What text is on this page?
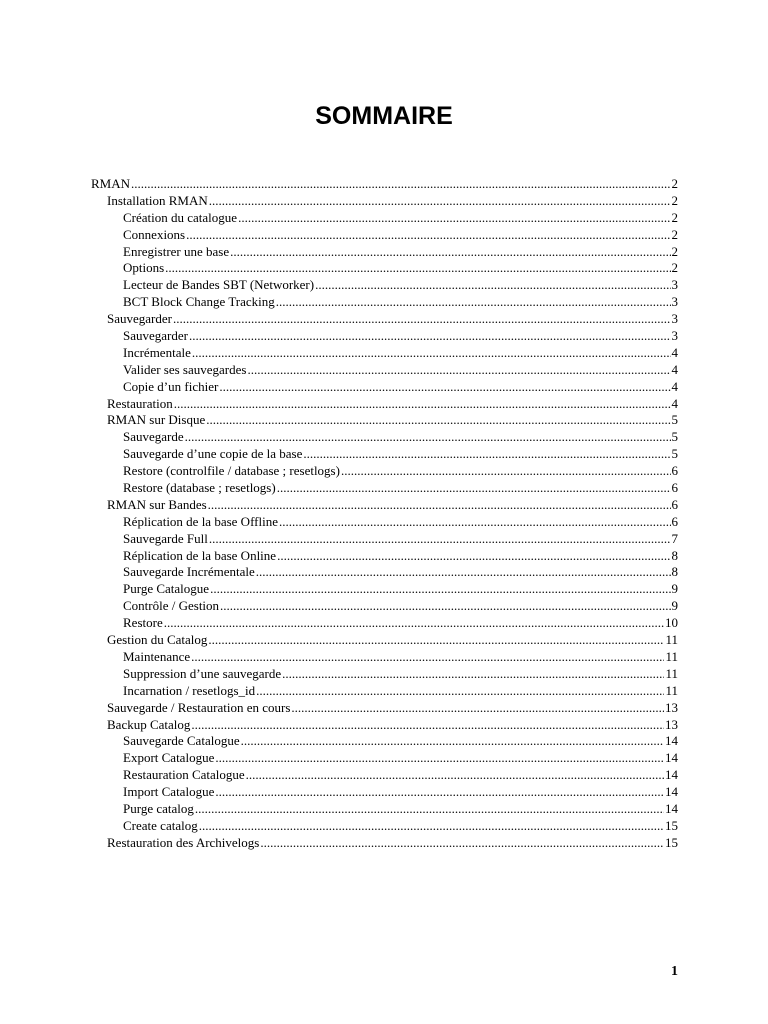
SOMMAIRE
RMAN .....	2
Installation RMAN .....	2
Création du catalogue .....	2
Connexions .....	2
Enregistrer une base .....	2
Options .....	2
Lecteur de Bandes SBT (Networker) .....	3
BCT Block Change Tracking .....	3
Sauvegarder .....	3
Sauvegarder .....	3
Incrémentale .....	4
Valider ses sauvegardes .....	4
Copie d’un fichier .....	4
Restauration .....	4
RMAN sur Disque .....	5
Sauvegarde .....	5
Sauvegarde d’une copie de la base .....	5
Restore (controlfile / database ; resetlogs) .....	6
Restore (database ; resetlogs) .....	6
RMAN sur Bandes .....	6
Réplication de la base Offline .....	6
Sauvegarde Full .....	7
Réplication de la base Online .....	8
Sauvegarde Incrémentale .....	8
Purge Catalogue .....	9
Contrôle / Gestion .....	9
Restore .....	10
Gestion du Catalog .....	11
Maintenance .....	11
Suppression d’une sauvegarde .....	11
Incarnation / resetlogs_id .....	11
Sauvegarde / Restauration en cours .....	13
Backup Catalog .....	13
Sauvegarde Catalogue .....	14
Export Catalogue .....	14
Restauration Catalogue .....	14
Import Catalogue .....	14
Purge catalog .....	14
Create catalog .....	15
Restauration des Archivelogs .....	15
1
